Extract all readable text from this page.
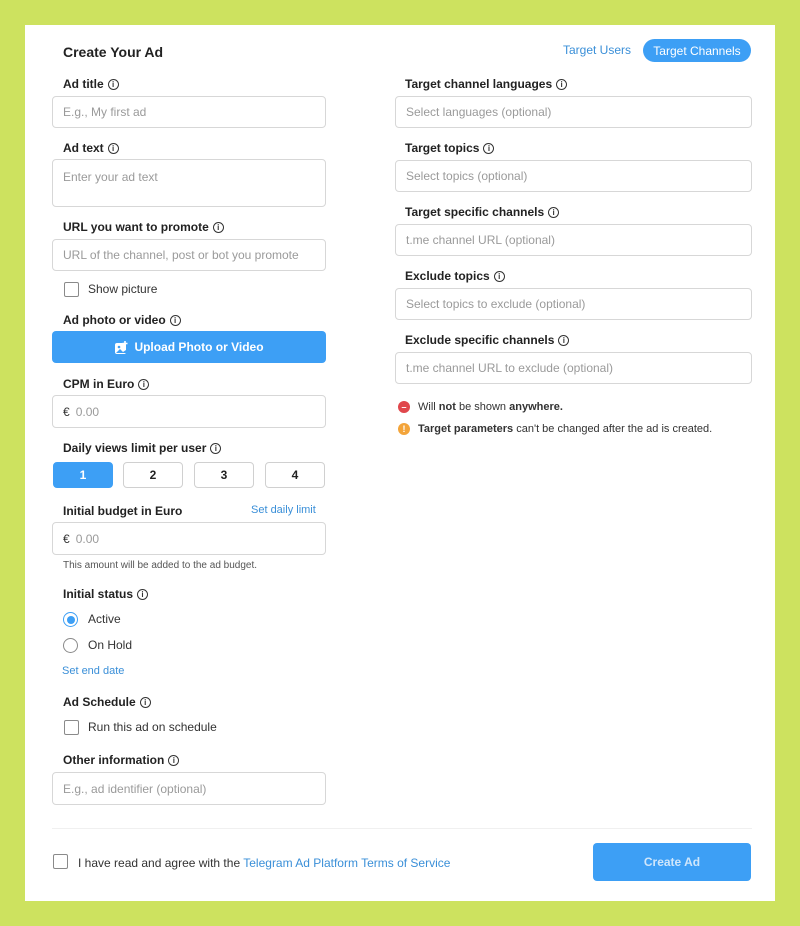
Create Your Ad	Target Users	Target Channels
Ad title	i
E.g., My first ad
Ad text	i
Enter your ad text
URL you want to promote	i
URL of the channel, post or bot you promote
Show picture
Ad photo or video	i
Upload Photo or Video
CPM in Euro	i
€ 0.00
Daily views limit per user	i
1	2	3	4
Initial budget in Euro	Set daily limit
€ 0.00
This amount will be added to the ad budget.
Initial status	i
Active
On Hold
Set end date
Ad Schedule	i
Run this ad on schedule
Other information	i
E.g., ad identifier (optional)
Target channel languages	i
Select languages (optional)
Target topics	i
Select topics (optional)
Target specific channels	i
t.me channel URL (optional)
Exclude topics	i
Select topics to exclude (optional)
Exclude specific channels	i
t.me channel URL to exclude (optional)
–	Will
not
be shown
anywhere.
!	Target parameters
can't be changed after the ad is created.
I have read and agree with the Telegram Ad Platform Terms of Service	Create Ad
